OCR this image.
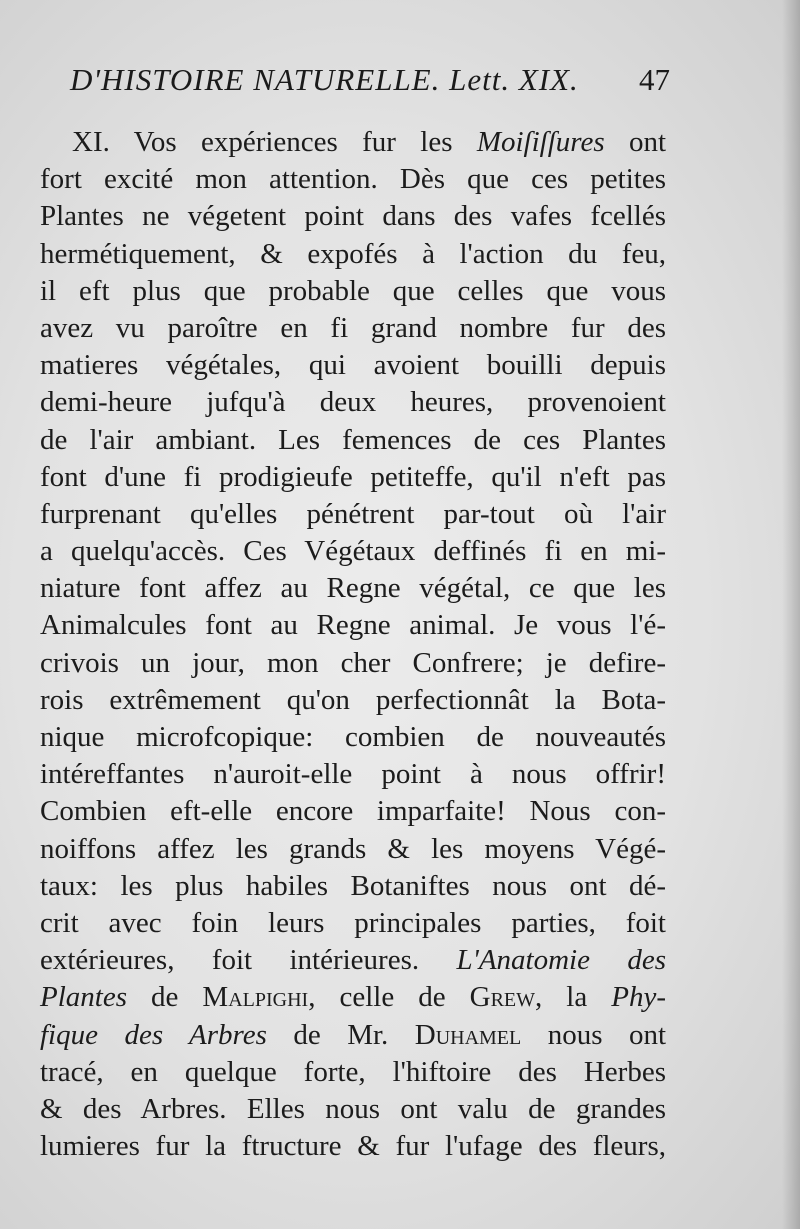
D'HISTOIRE NATURELLE. Lett. XIX. 47
XI. Vos expériences fur les Moiſiſſures ont
fort excité mon attention. Dès que ces petites
Plantes ne végetent point dans des vafes fcellés
hermétiquement, & expofés à l'action du feu,
il eft plus que probable que celles que vous
avez vu paroître en fi grand nombre fur des
matieres végétales, qui avoient bouilli depuis
demi-heure jufqu'à deux heures, provenoient
de l'air ambiant. Les femences de ces Plantes
font d'une fi prodigieufe petiteffe, qu'il n'eft pas
furprenant qu'elles pénétrent par-tout où l'air
a quelqu'accès. Ces Végétaux deffinés fi en mi-
niature font affez au Regne végétal, ce que les
Animalcules font au Regne animal. Je vous l'é-
crivois un jour, mon cher Confrere; je defire-
rois extrêmement qu'on perfectionnât la Bota-
nique microfcopique: combien de nouveautés
intéreffantes n'auroit-elle point à nous offrir!
Combien eft-elle encore imparfaite! Nous con-
noiffons affez les grands & les moyens Végé-
taux: les plus habiles Botaniftes nous ont dé-
crit avec foin leurs principales parties, foit
extérieures, foit intérieures. L'Anatomie des
Plantes de Malpighi, celle de Grew, la Phy-
fique des Arbres de Mr. Duhamel nous ont
tracé, en quelque forte, l'hiftoire des Herbes
& des Arbres. Elles nous ont valu de grandes
lumieres fur la ftructure & fur l'ufage des fleurs,
